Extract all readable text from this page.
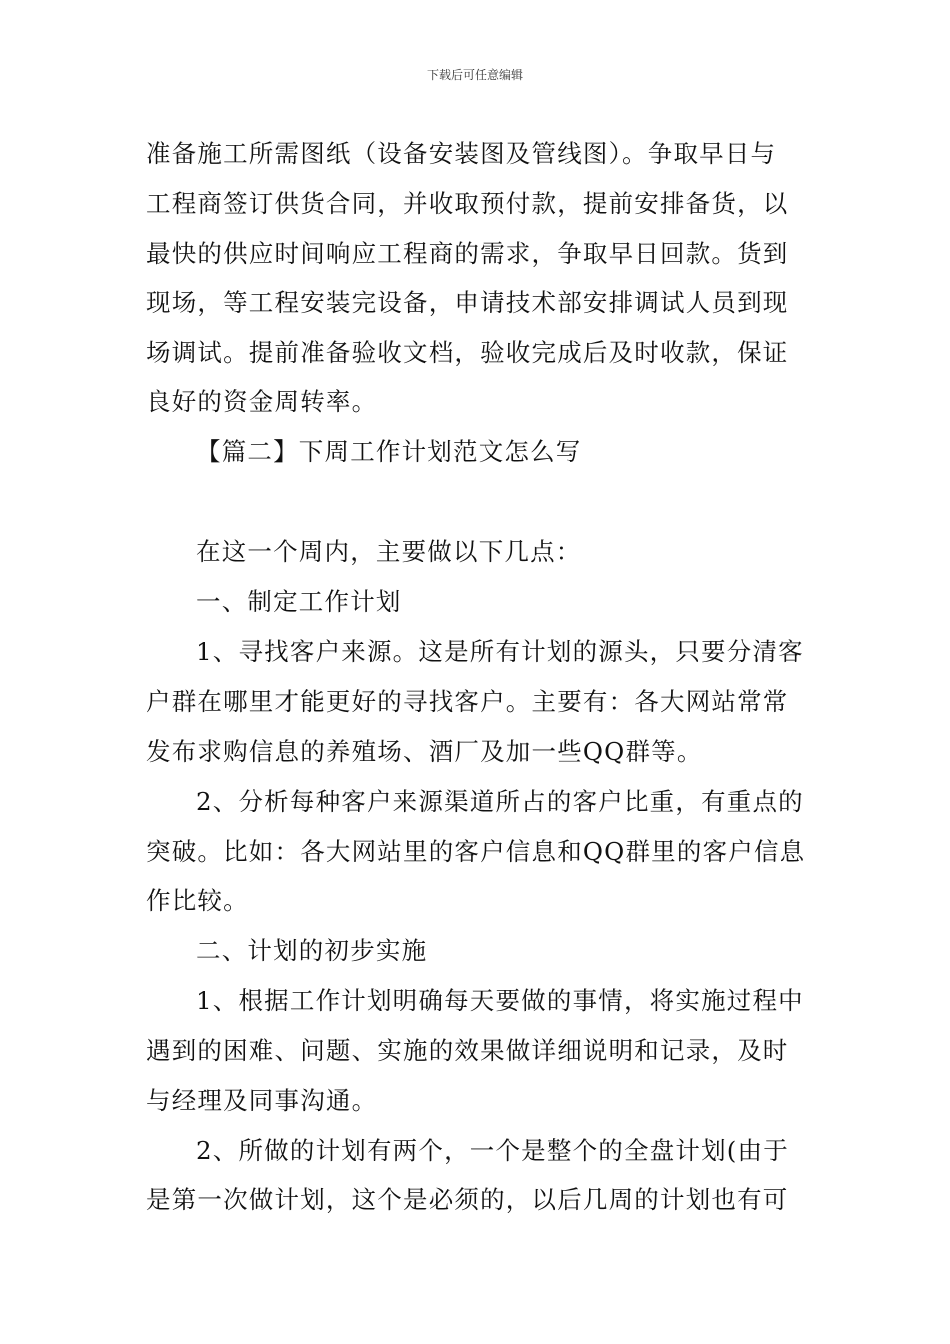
下载后可任意编辑
准备施工所需图纸（设备安装图及管线图）。争取早日与
工程商签订供货合同，并收取预付款，提前安排备货，以
最快的供应时间响应工程商的需求，争取早日回款。货到
现场，等工程安装完设备，申请技术部安排调试人员到现
场调试。提前准备验收文档，验收完成后及时收款，保证
良好的资金周转率。
【篇二】下周工作计划范文怎么写
在这一个周内，主要做以下几点：
一、制定工作计划
1、寻找客户来源。这是所有计划的源头，只要分清客
户群在哪里才能更好的寻找客户。主要有：各大网站常常
发布求购信息的养殖场、酒厂及加一些QQ群等。
2、分析每种客户来源渠道所占的客户比重，有重点的
突破。比如：各大网站里的客户信息和QQ群里的客户信息
作比较。
二、计划的初步实施
1、根据工作计划明确每天要做的事情，将实施过程中
遇到的困难、问题、实施的效果做详细说明和记录，及时
与经理及同事沟通。
2、所做的计划有两个，一个是整个的全盘计划(由于
是第一次做计划，这个是必须的，以后几周的计划也有可
